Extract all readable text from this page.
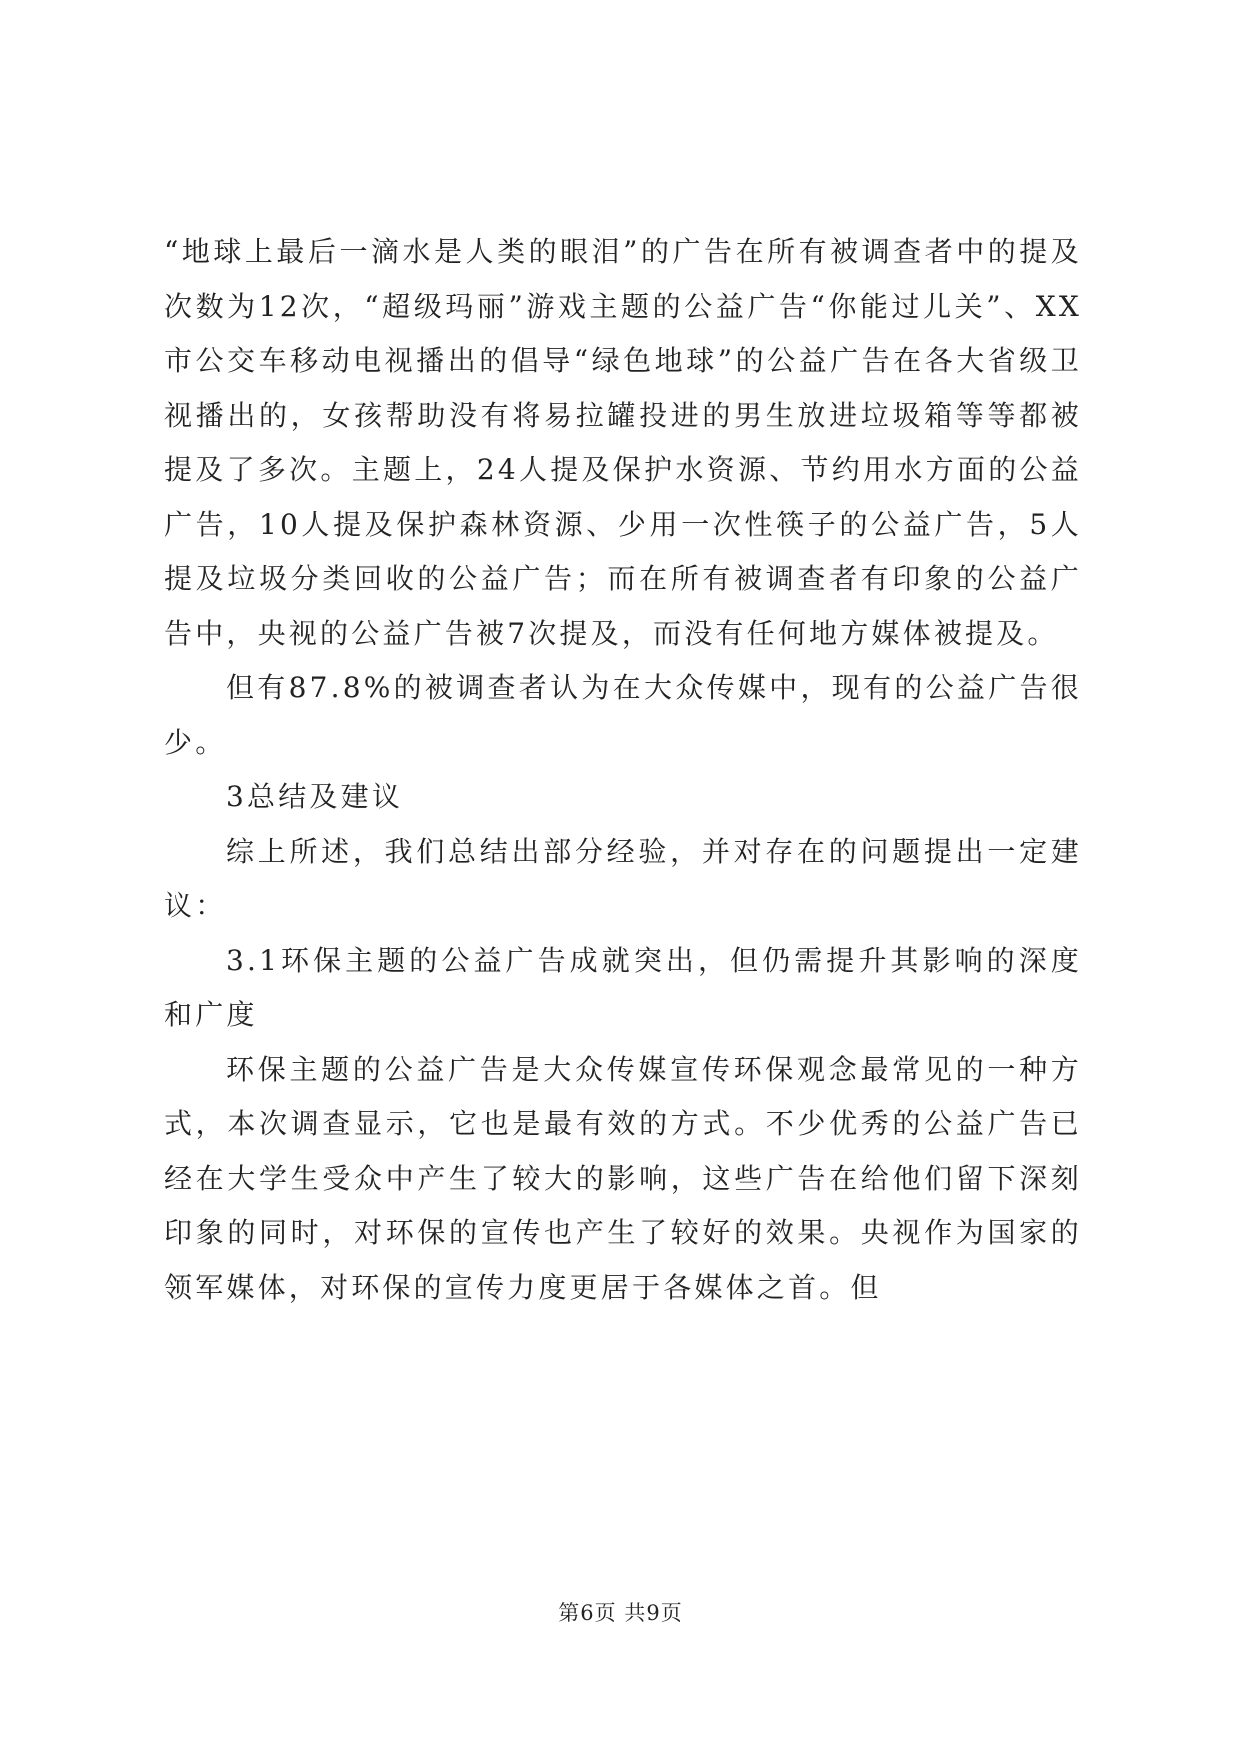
“地球上最后一滴水是人类的眼泪”的广告在所有被调查者中的提及次数为12次，“超级玛丽”游戏主题的公益广告“你能过儿关”、XX市公交车移动电视播出的倡导“绿色地球”的公益广告在各大省级卫视播出的，女孩帮助没有将易拉罐投进的男生放进垃圾箱等等都被提及了多次。主题上，24人提及保护水资源、节约用水方面的公益广告，10人提及保护森林资源、少用一次性筷子的公益广告，5人提及垃圾分类回收的公益广告；而在所有被调查者有印象的公益广告中，央视的公益广告被7次提及，而没有任何地方媒体被提及。

但有87.8%的被调查者认为在大众传媒中，现有的公益广告很少。

3总结及建议

综上所述，我们总结出部分经验，并对存在的问题提出一定建议：

3.1环保主题的公益广告成就突出，但仍需提升其影响的深度和广度

环保主题的公益广告是大众传媒宣传环保观念最常见的一种方式，本次调查显示，它也是最有效的方式。不少优秀的公益广告已经在大学生受众中产生了较大的影响，这些广告在给他们留下深刻印象的同时，对环保的宣传也产生了较好的效果。央视作为国家的领军媒体，对环保的宣传力度更居于各媒体之首。但

第6页 共9页
